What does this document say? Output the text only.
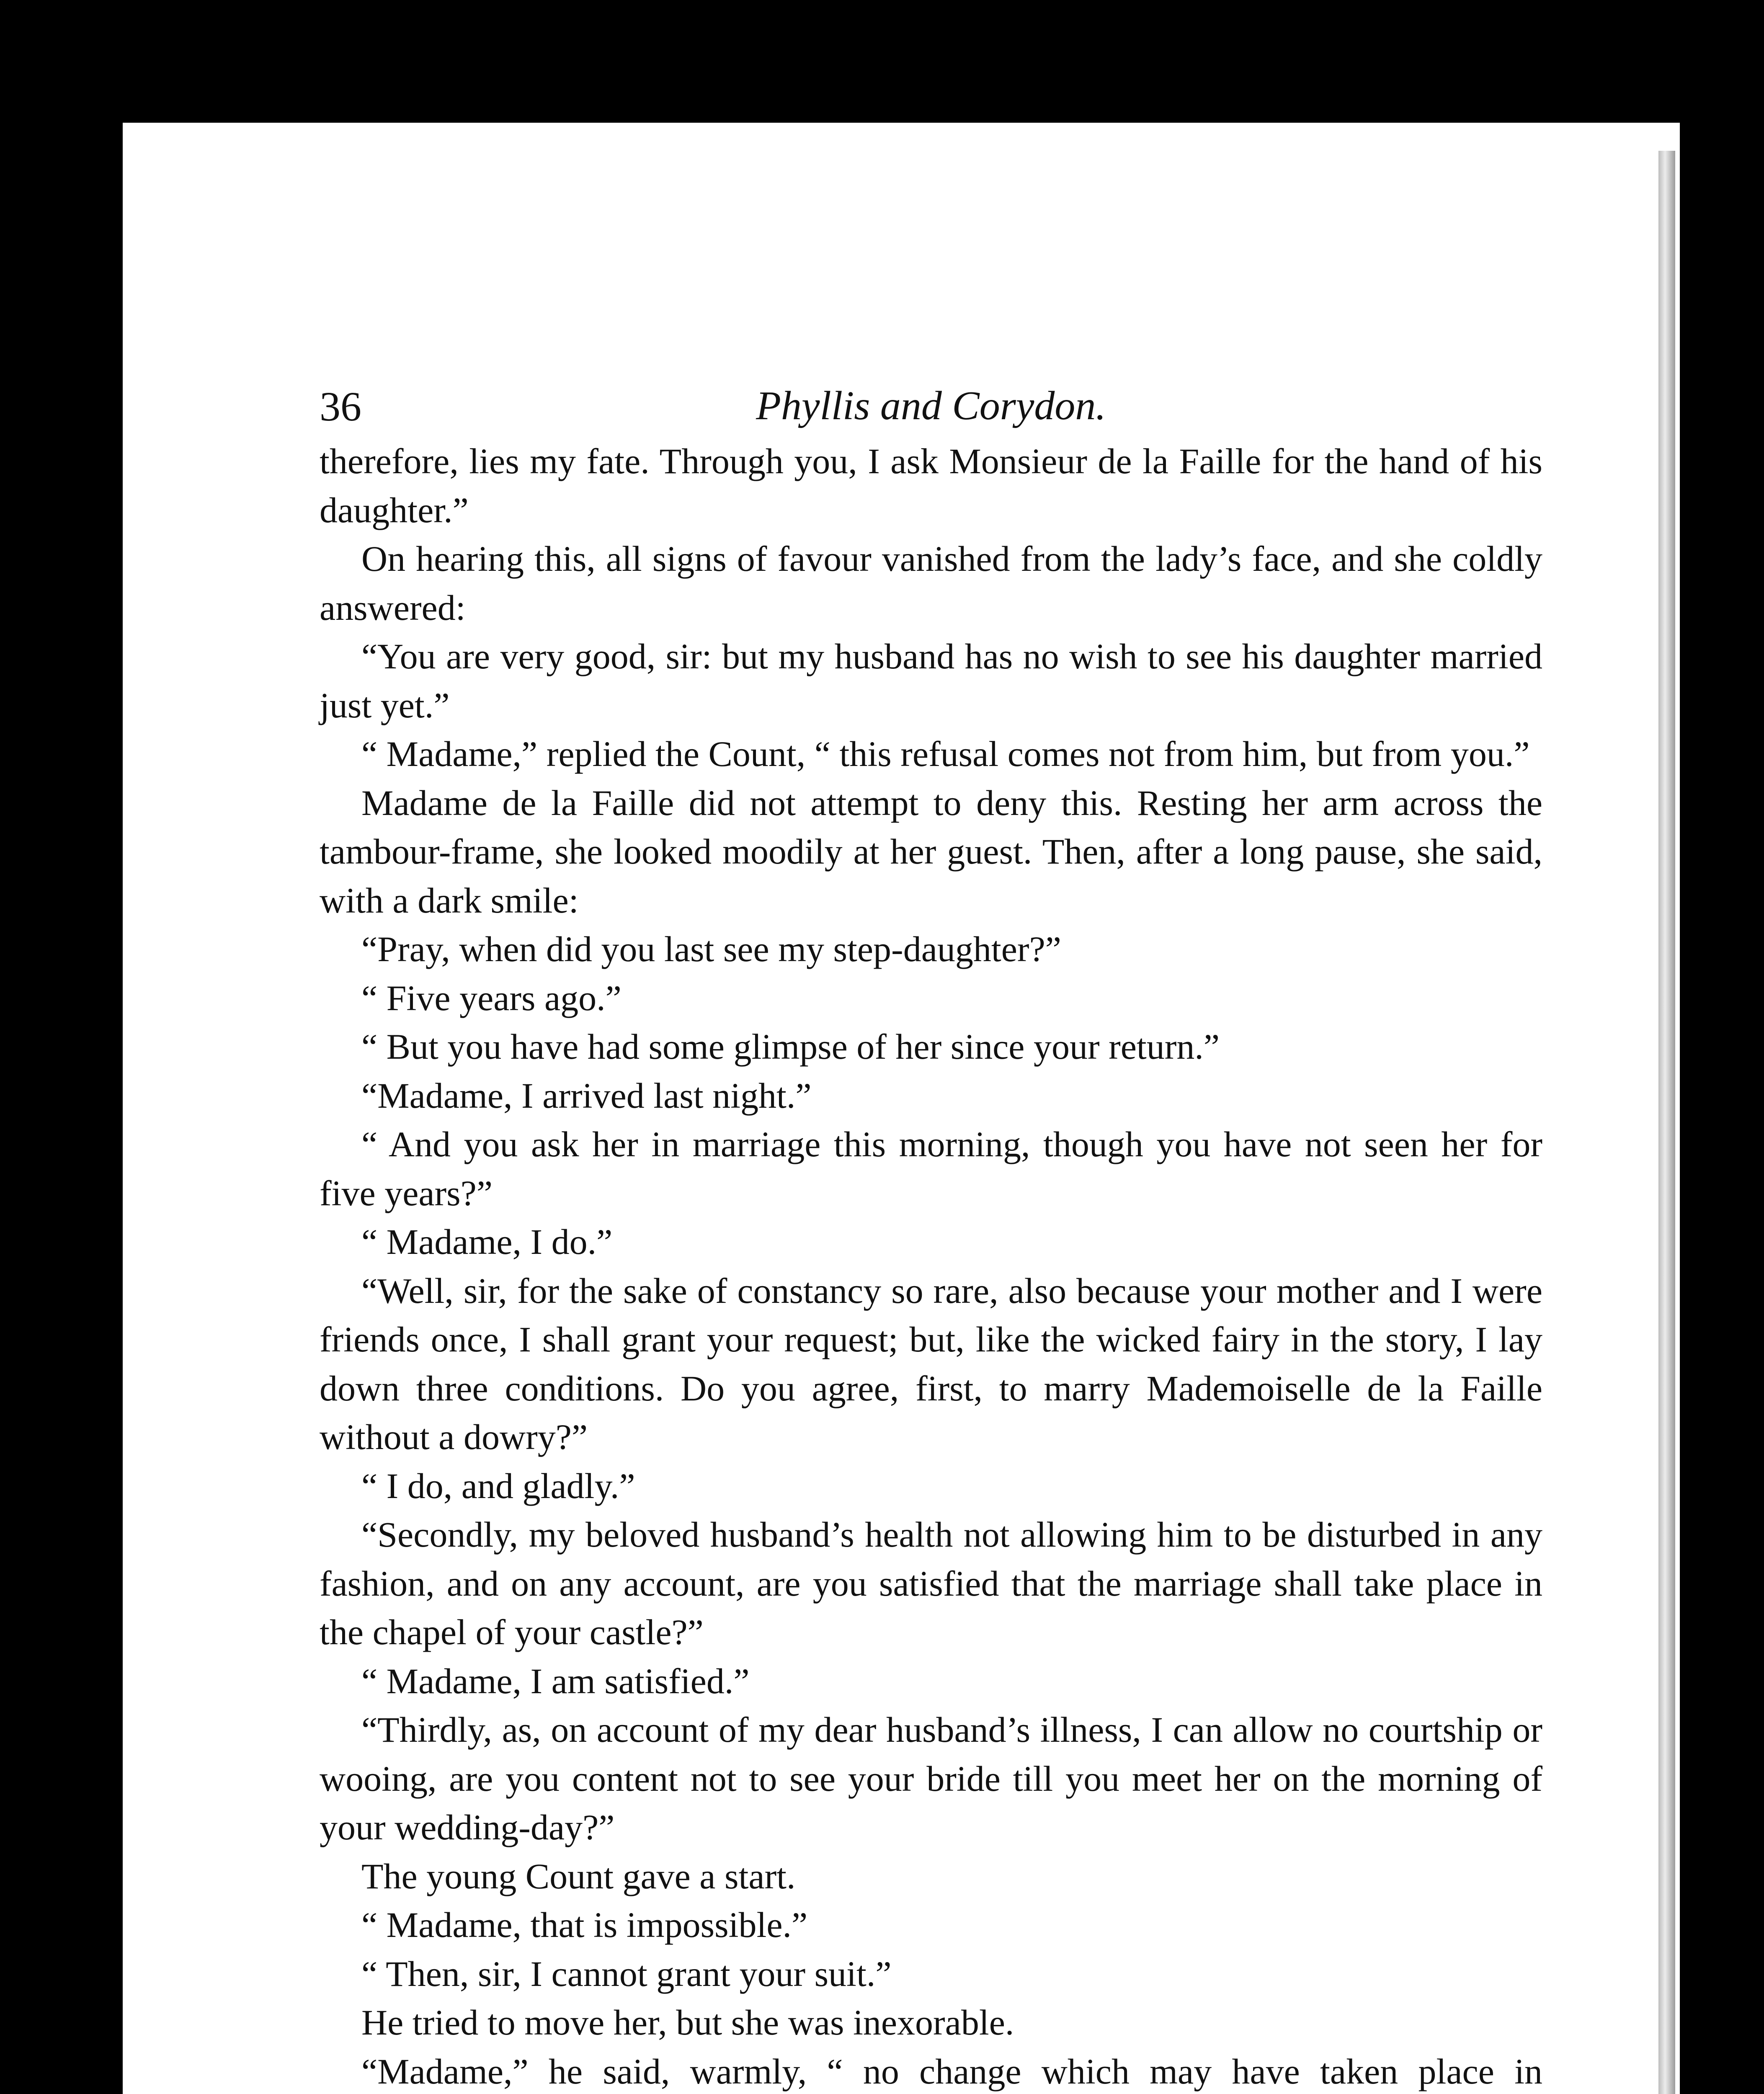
36	Phyllis and Corydon.

therefore, lies my fate. Through you, I ask Monsieur de la Faille for the hand of his daughter.”

On hearing this, all signs of favour vanished from the lady’s face, and she coldly answered:

“You are very good, sir: but my husband has no wish to see his daughter married just yet.”

“ Madame,” replied the Count, “ this refusal comes not from him, but from you.”

Madame de la Faille did not attempt to deny this. Resting her arm across the tambour-frame, she looked moodily at her guest. Then, after a long pause, she said, with a dark smile:

“Pray, when did you last see my step-daughter?”

“ Five years ago.”

“ But you have had some glimpse of her since your return.”

“Madame, I arrived last night.”

“ And you ask her in marriage this morning, though you have not seen her for five years?”

“ Madame, I do.”

“Well, sir, for the sake of constancy so rare, also because your mother and I were friends once, I shall grant your request; but, like the wicked fairy in the story, I lay down three conditions. Do you agree, first, to marry Mademoiselle de la Faille without a dowry?”

“ I do, and gladly.”

“Secondly, my beloved husband’s health not allowing him to be disturbed in any fashion, and on any account, are you satisfied that the marriage shall take place in the chapel of your castle?”

“ Madame, I am satisfied.”

“Thirdly, as, on account of my dear husband’s illness, I can allow no courtship or wooing, are you content not to see your bride till you meet her on the morning of your wedding-day?”

The young Count gave a start.

“ Madame, that is impossible.”

“ Then, sir, I cannot grant your suit.”

He tried to move her, but she was inexorable.

“Madame,” he said, warmly, “ no change which may have taken place in
